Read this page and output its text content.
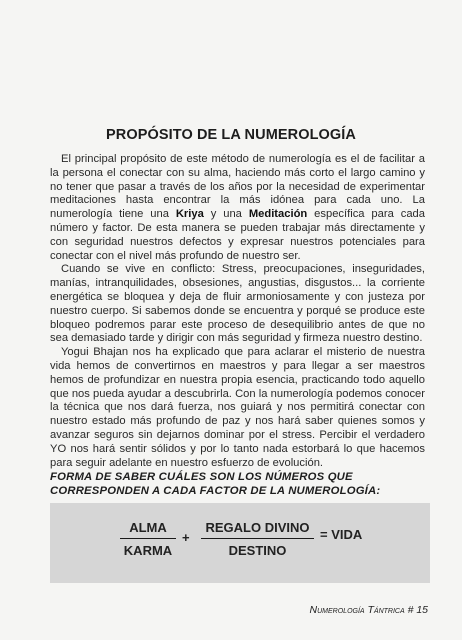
PROPÓSITO DE LA NUMEROLOGÍA

El principal propósito de este método de numerología es el de facilitar a la persona el conectar con su alma, haciendo más corto el largo camino y no tener que pasar a través de los años por la necesidad de experimentar meditaciones hasta encontrar la más idónea para cada uno. La numerología tiene una Kriya y una Meditación específica para cada número y factor. De esta manera se pueden trabajar más directamente y con seguridad nuestros defectos y expresar nuestros potenciales para conectar con el nivel más profundo de nuestro ser.

Cuando se vive en conflicto: Stress, preocupaciones, inseguridades, manías, intranquilidades, obsesiones, angustias, disgustos... la corriente energética se bloquea y deja de fluir armoniosamente y con justeza por nuestro cuerpo. Si sabemos donde se encuentra y porqué se produce este bloqueo podremos parar este proceso de desequilibrio antes de que no sea demasiado tarde y dirigir con más seguridad y firmeza nuestro destino.

Yogui Bhajan nos ha explicado que para aclarar el misterio de nuestra vida hemos de convertirnos en maestros y para llegar a ser maestros hemos de profundizar en nuestra propia esencia, practicando todo aquello que nos pueda ayudar a descubrirla. Con la numerología podemos conocer la técnica que nos dará fuerza, nos guiará y nos permitirá conectar con nuestro estado más profundo de paz y nos hará saber quienes somos y avanzar seguros sin dejarnos dominar por el stress. Percibir el verdadero YO nos hará sentir sólidos y por lo tanto nada estorbará lo que hacemos para seguir adelante en nuestro esfuerzo de evolución.

FORMA DE SABER CUÁLES SON LOS NÚMEROS QUE CORRESPONDEN A CADA FACTOR DE LA NUMEROLOGÍA:
ALMA
KARMA
+
REGALO DIVINO
DESTINO
= VIDA
Numerología Tántrica # 15
